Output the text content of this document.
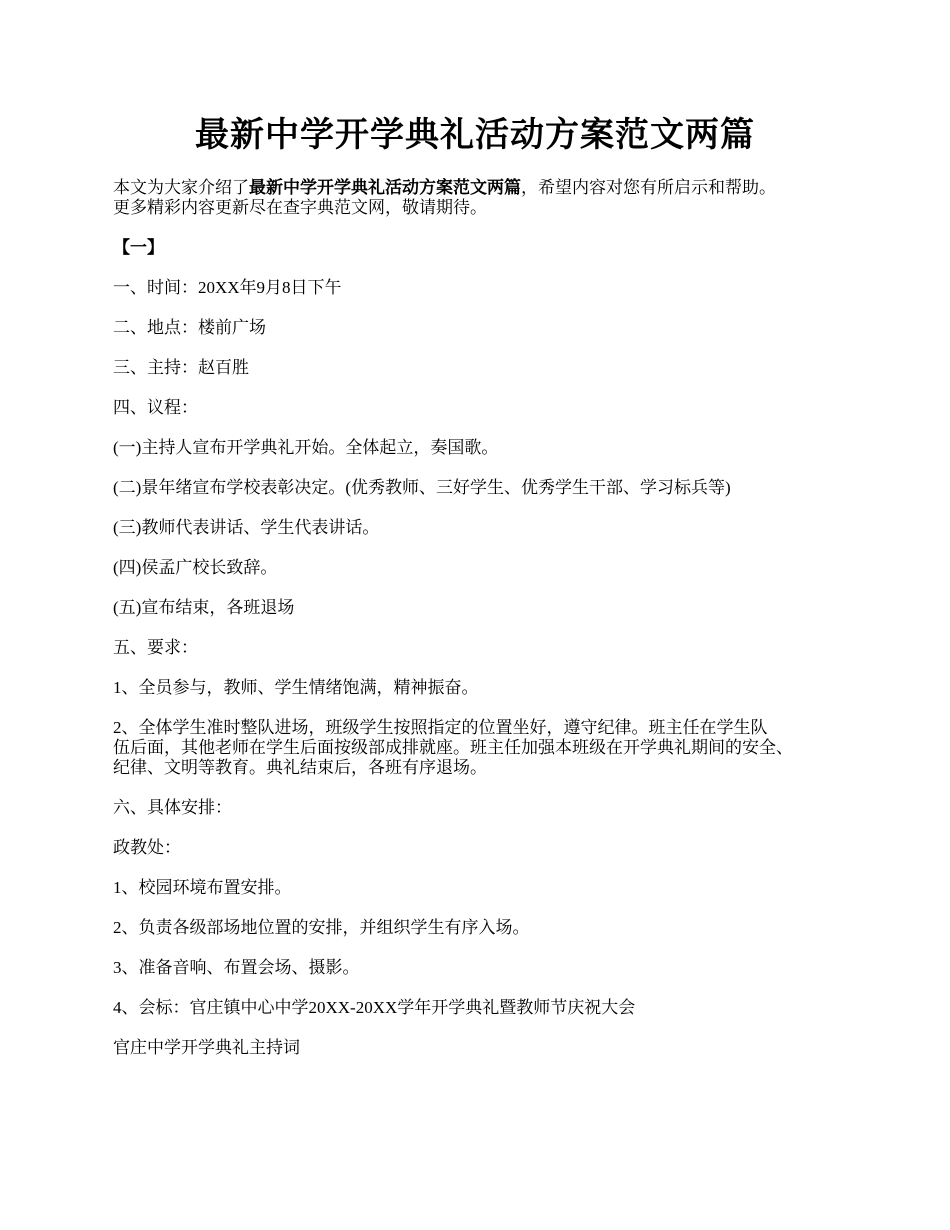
最新中学开学典礼活动方案范文两篇

本文为大家介绍了最新中学开学典礼活动方案范文两篇，希望内容对您有所启示和帮助。
更多精彩内容更新尽在查字典范文网，敬请期待。

【一】

一、时间：20XX年9月8日下午

二、地点：楼前广场

三、主持：赵百胜

四、议程：

(一)主持人宣布开学典礼开始。全体起立，奏国歌。

(二)景年绪宣布学校表彰决定。(优秀教师、三好学生、优秀学生干部、学习标兵等)

(三)教师代表讲话、学生代表讲话。

(四)侯孟广校长致辞。

(五)宣布结束，各班退场

五、要求：

1、全员参与，教师、学生情绪饱满，精神振奋。

2、全体学生准时整队进场，班级学生按照指定的位置坐好，遵守纪律。班主任在学生队
伍后面，其他老师在学生后面按级部成排就座。班主任加强本班级在开学典礼期间的安全、
纪律、文明等教育。典礼结束后，各班有序退场。

六、具体安排：

政教处：

1、校园环境布置安排。

2、负责各级部场地位置的安排，并组织学生有序入场。

3、准备音响、布置会场、摄影。

4、会标：官庄镇中心中学20XX-20XX学年开学典礼暨教师节庆祝大会

官庄中学开学典礼主持词
